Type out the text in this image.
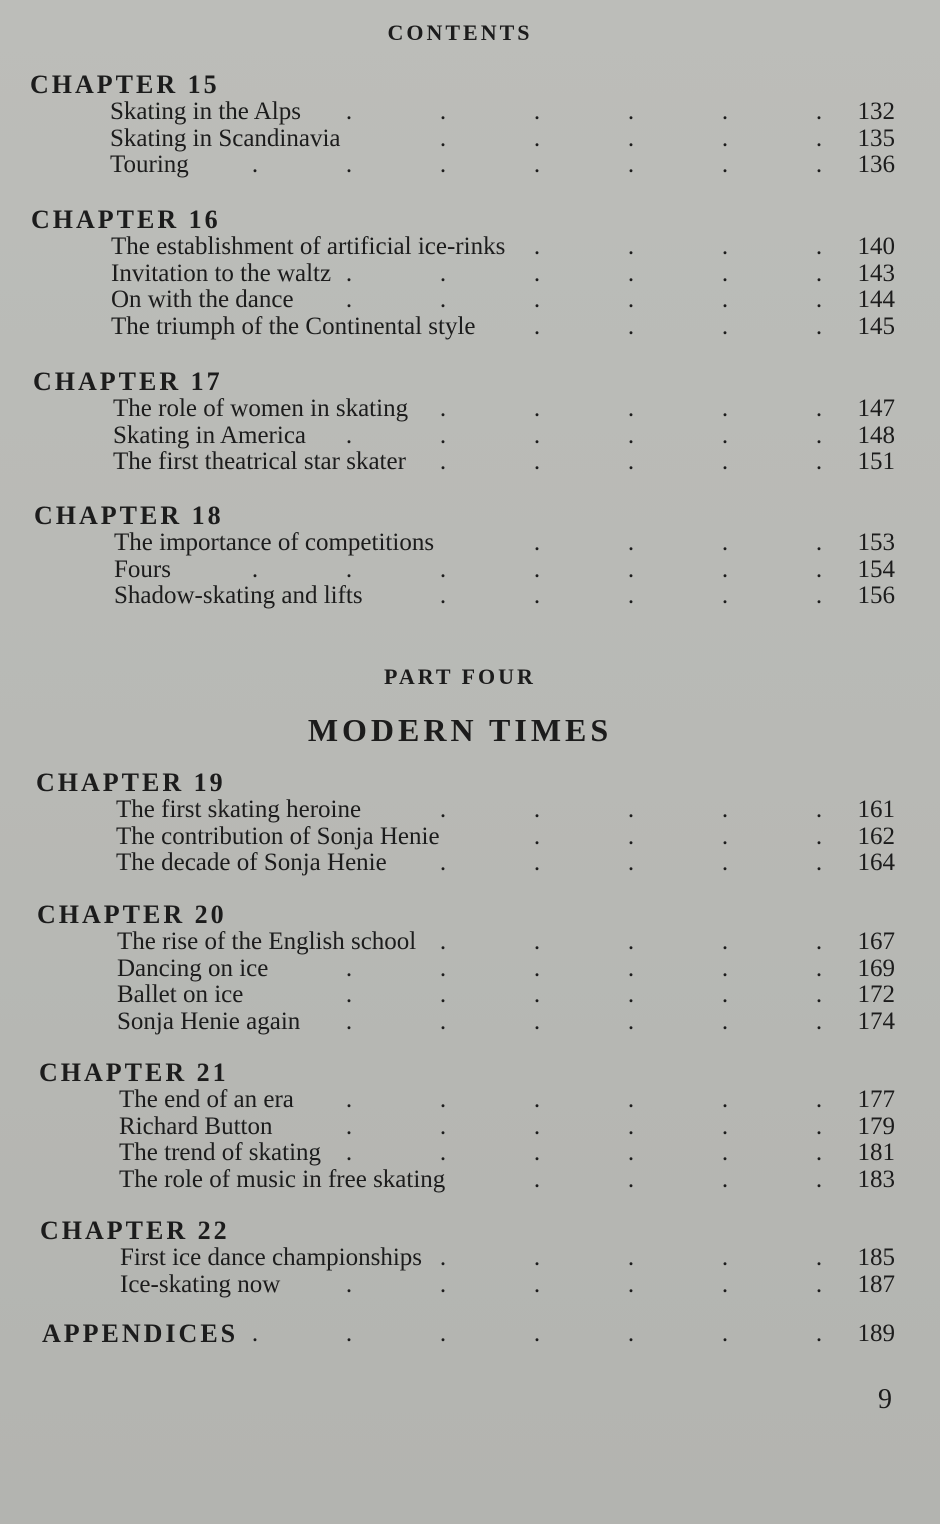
CONTENTS
PART FOUR
MODERN TIMES
CHAPTER 15
Skating in the Alps	132
.	.	.	.	.	.
Skating in Scandinavia	135
.	.	.	.	.
Touring	136
.	.	.	.	.	.	.
CHAPTER 16
The establishment of artificial ice-rinks	140
.	.	.	.
Invitation to the waltz	143
.	.	.	.	.	.
On with the dance	144
.	.	.	.	.	.
The triumph of the Continental style	145
.	.	.	.
CHAPTER 17
The role of women in skating	147
.	.	.	.	.
Skating in America	148
.	.	.	.	.	.
The first theatrical star skater	151
.	.	.	.	.
CHAPTER 18
The importance of competitions	153
.	.	.	.
Fours	154
.	.	.	.	.	.	.
Shadow-skating and lifts	156
.	.	.	.	.
CHAPTER 19
The first skating heroine	161
.	.	.	.	.
The contribution of Sonja Henie	162
.	.	.	.
The decade of Sonja Henie	164
.	.	.	.	.
CHAPTER 20
The rise of the English school	167
.	.	.	.	.
Dancing on ice	169
.	.	.	.	.	.
Ballet on ice	172
.	.	.	.	.	.
Sonja Henie again	174
.	.	.	.	.	.
CHAPTER 21
The end of an era	177
.	.	.	.	.	.
Richard Button	179
.	.	.	.	.	.
The trend of skating	181
.	.	.	.	.	.
The role of music in free skating	183
.	.	.	.
CHAPTER 22
First ice dance championships	185
.	.	.	.	.
Ice-skating now	187
.	.	.	.	.	.
APPENDICES	189
.	.	.	.	.	.	.
9
